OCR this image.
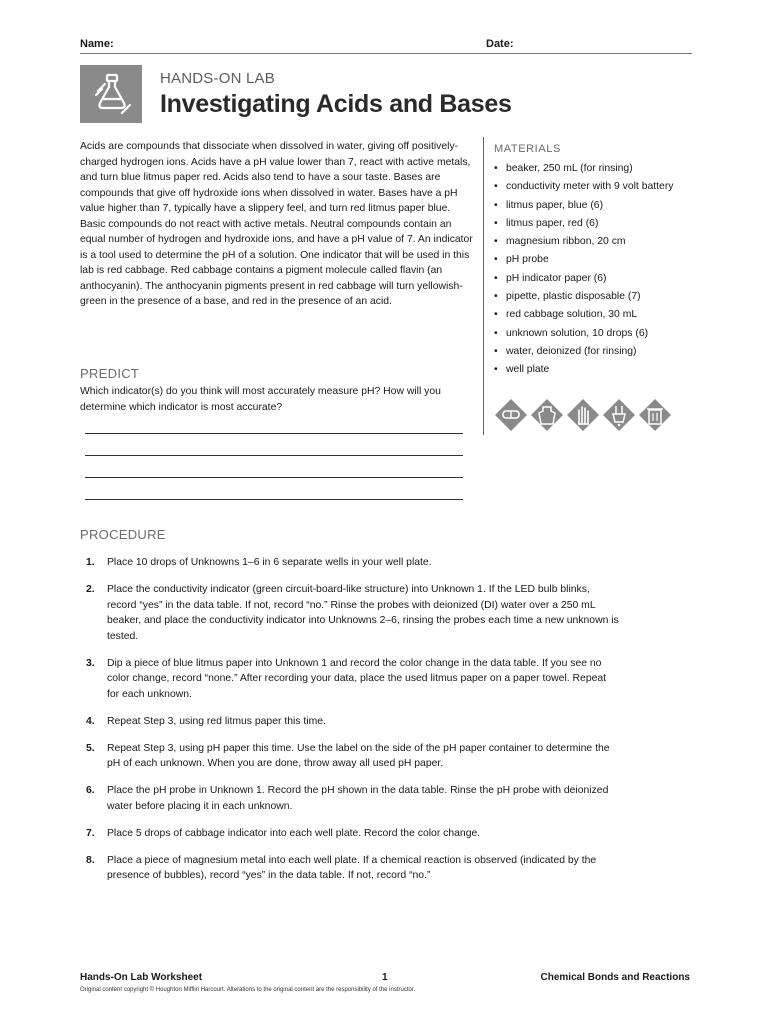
Name:	Date:
HANDS-ON LAB
Investigating Acids and Bases
Acids are compounds that dissociate when dissolved in water, giving off positively-charged hydrogen ions. Acids have a pH value lower than 7, react with active metals, and turn blue litmus paper red. Acids also tend to have a sour taste. Bases are compounds that give off hydroxide ions when dissolved in water. Bases have a pH value higher than 7, typically have a slippery feel, and turn red litmus paper blue. Basic compounds do not react with active metals. Neutral compounds contain an equal number of hydrogen and hydroxide ions, and have a pH value of 7. An indicator is a tool used to determine the pH of a solution. One indicator that will be used in this lab is red cabbage. Red cabbage contains a pigment molecule called flavin (an anthocyanin). The anthocyanin pigments present in red cabbage will turn yellowish-green in the presence of a base, and red in the presence of an acid.
PREDICT
Which indicator(s) do you think will most accurately measure pH? How will you determine which indicator is most accurate?
MATERIALS
• beaker, 250 mL (for rinsing)
• conductivity meter with 9 volt battery
• litmus paper, blue (6)
• litmus paper, red (6)
• magnesium ribbon, 20 cm
• pH probe
• pH indicator paper (6)
• pipette, plastic disposable (7)
• red cabbage solution, 30 mL
• unknown solution, 10 drops (6)
• water, deionized (for rinsing)
• well plate
PROCEDURE
1. Place 10 drops of Unknowns 1–6 in 6 separate wells in your well plate.
2. Place the conductivity indicator (green circuit-board-like structure) into Unknown 1. If the LED bulb blinks, record “yes” in the data table. If not, record “no.” Rinse the probes with deionized (DI) water over a 250 mL beaker, and place the conductivity indicator into Unknowns 2–6, rinsing the probes each time a new unknown is tested.
3. Dip a piece of blue litmus paper into Unknown 1 and record the color change in the data table. If you see no color change, record “none.” After recording your data, place the used litmus paper on a paper towel. Repeat for each unknown.
4. Repeat Step 3, using red litmus paper this time.
5. Repeat Step 3, using pH paper this time. Use the label on the side of the pH paper container to determine the pH of each unknown. When you are done, throw away all used pH paper.
6. Place the pH probe in Unknown 1. Record the pH shown in the data table. Rinse the pH probe with deionized water before placing it in each unknown.
7. Place 5 drops of cabbage indicator into each well plate. Record the color change.
8. Place a piece of magnesium metal into each well plate. If a chemical reaction is observed (indicated by the presence of bubbles), record “yes” in the data table. If not, record “no.”
Hands-On Lab Worksheet	1	Chemical Bonds and Reactions
Original content copyright © Houghton Mifflin Harcourt. Alterations to the original content are the responsibility of the instructor.
